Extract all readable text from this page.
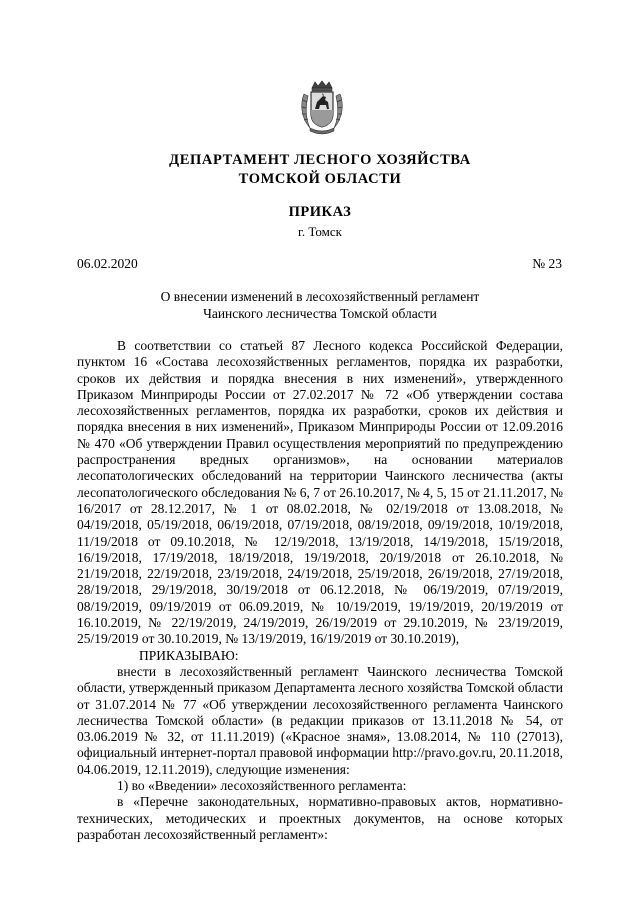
ДЕПАРТАМЕНТ ЛЕСНОГО ХОЗЯЙСТВА
ТОМСКОЙ ОБЛАСТИ
ПРИКАЗ
г. Томск
06.02.2020	№ 23
О внесении изменений в лесохозяйственный регламент
Чаинского лесничества Томской области

В соответствии со статьей 87 Лесного кодекса Российской Федерации, пунктом 16 «Состава лесохозяйственных регламентов, порядка их разработки, сроков их действия и порядка внесения в них изменений», утвержденного Приказом Минприроды России от 27.02.2017 № 72 «Об утверждении состава лесохозяйственных регламентов, порядка их разработки, сроков их действия и порядка внесения в них изменений», Приказом Минприроды России от 12.09.2016 № 470 «Об утверждении Правил осуществления мероприятий по предупреждению распространения вредных организмов», на основании материалов лесопатологических обследований на территории Чаинского лесничества (акты лесопатологического обследования № 6, 7 от 26.10.2017, № 4, 5, 15 от 21.11.2017, № 16/2017 от 28.12.2017, № 1 от 08.02.2018, № 02/19/2018 от 13.08.2018, № 04/19/2018, 05/19/2018, 06/19/2018, 07/19/2018, 08/19/2018, 09/19/2018, 10/19/2018, 11/19/2018 от 09.10.2018, № 12/19/2018, 13/19/2018, 14/19/2018, 15/19/2018, 16/19/2018, 17/19/2018, 18/19/2018, 19/19/2018, 20/19/2018 от 26.10.2018, № 21/19/2018, 22/19/2018, 23/19/2018, 24/19/2018, 25/19/2018, 26/19/2018, 27/19/2018, 28/19/2018, 29/19/2018, 30/19/2018 от 06.12.2018, № 06/19/2019, 07/19/2019, 08/19/2019, 09/19/2019 от 06.09.2019, № 10/19/2019, 19/19/2019, 20/19/2019 от 16.10.2019, № 22/19/2019, 24/19/2019, 26/19/2019 от 29.10.2019, № 23/19/2019, 25/19/2019 от 30.10.2019, № 13/19/2019, 16/19/2019 от 30.10.2019),

ПРИКАЗЫВАЮ:

внести в лесохозяйственный регламент Чаинского лесничества Томской области, утвержденный приказом Департамента лесного хозяйства Томской области от 31.07.2014 № 77 «Об утверждении лесохозяйственного регламента Чаинского лесничества Томской области» (в редакции приказов от 13.11.2018 № 54, от 03.06.2019 № 32, от 11.11.2019) («Красное знамя», 13.08.2014, № 110 (27013), официальный интернет-портал правовой информации http://pravo.gov.ru, 20.11.2018, 04.06.2019, 12.11.2019), следующие изменения:

1) во «Введении» лесохозяйственного регламента:

в «Перечне законодательных, нормативно-правовых актов, нормативно-технических, методических и проектных документов, на основе которых разработан лесохозяйственный регламент»:
